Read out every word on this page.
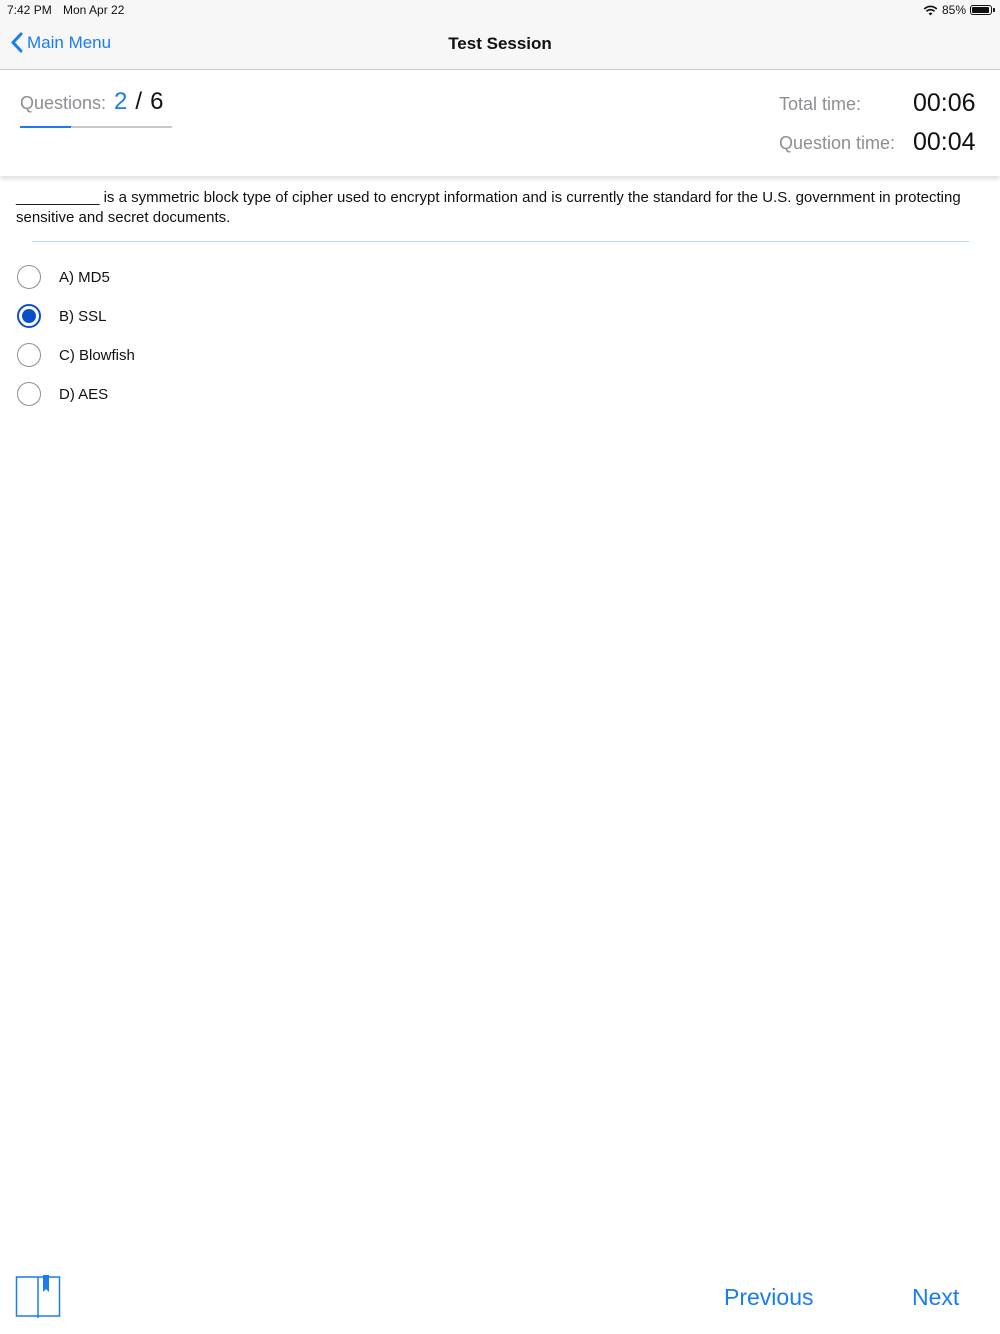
7:42 PM Mon Apr 22	85%
Main Menu	Test Session
Questions: 2 / 6	Total time: 00:06
Question time: 00:04
__________ is a symmetric block type of cipher used to encrypt information and is currently the standard for the U.S. government in protecting sensitive and secret documents.
A) MD5
B) SSL
C) Blowfish
D) AES
Previous	Next
